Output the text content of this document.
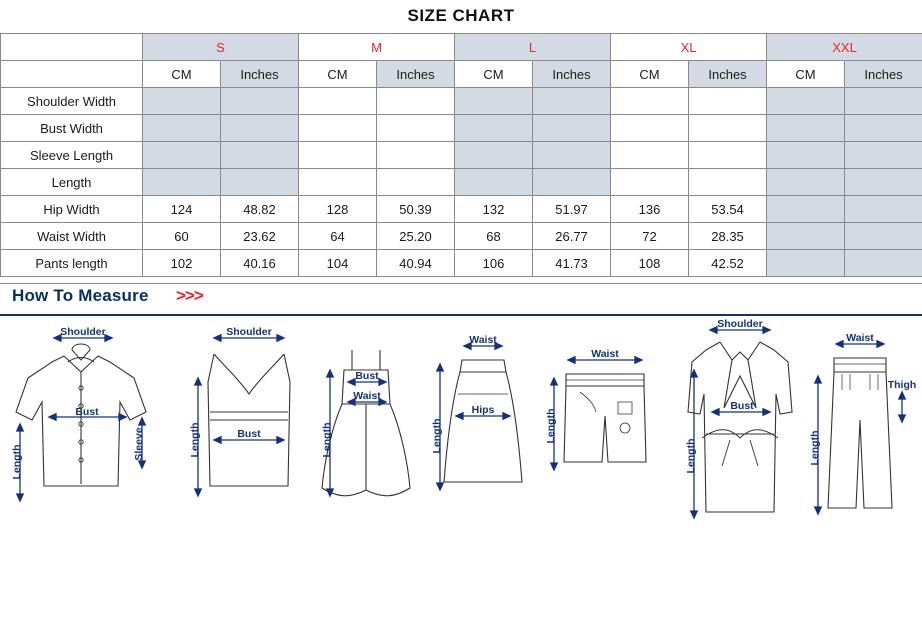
SIZE CHART
	S		M		L		XL		XXL	
	CM	Inches	CM	Inches	CM	Inches	CM	Inches	CM	Inches
Shoulder Width										
Bust Width										
Sleeve Length										
Length										
Hip Width	124	48.82	128	50.39	132	51.97	136	53.54		
Waist Width	60	23.62	64	25.20	68	26.77	72	28.35		
Pants length	102	40.16	104	40.94	106	41.73	108	42.52		
How To Measure >>>
Shoulder
Bust
Length
Sleeve
Shoulder
Bust
Length
Bust
Waist
Length
Waist
Hips
Length
Waist
Length
Shoulder
Bust
Length
Waist
Thigh
Length
